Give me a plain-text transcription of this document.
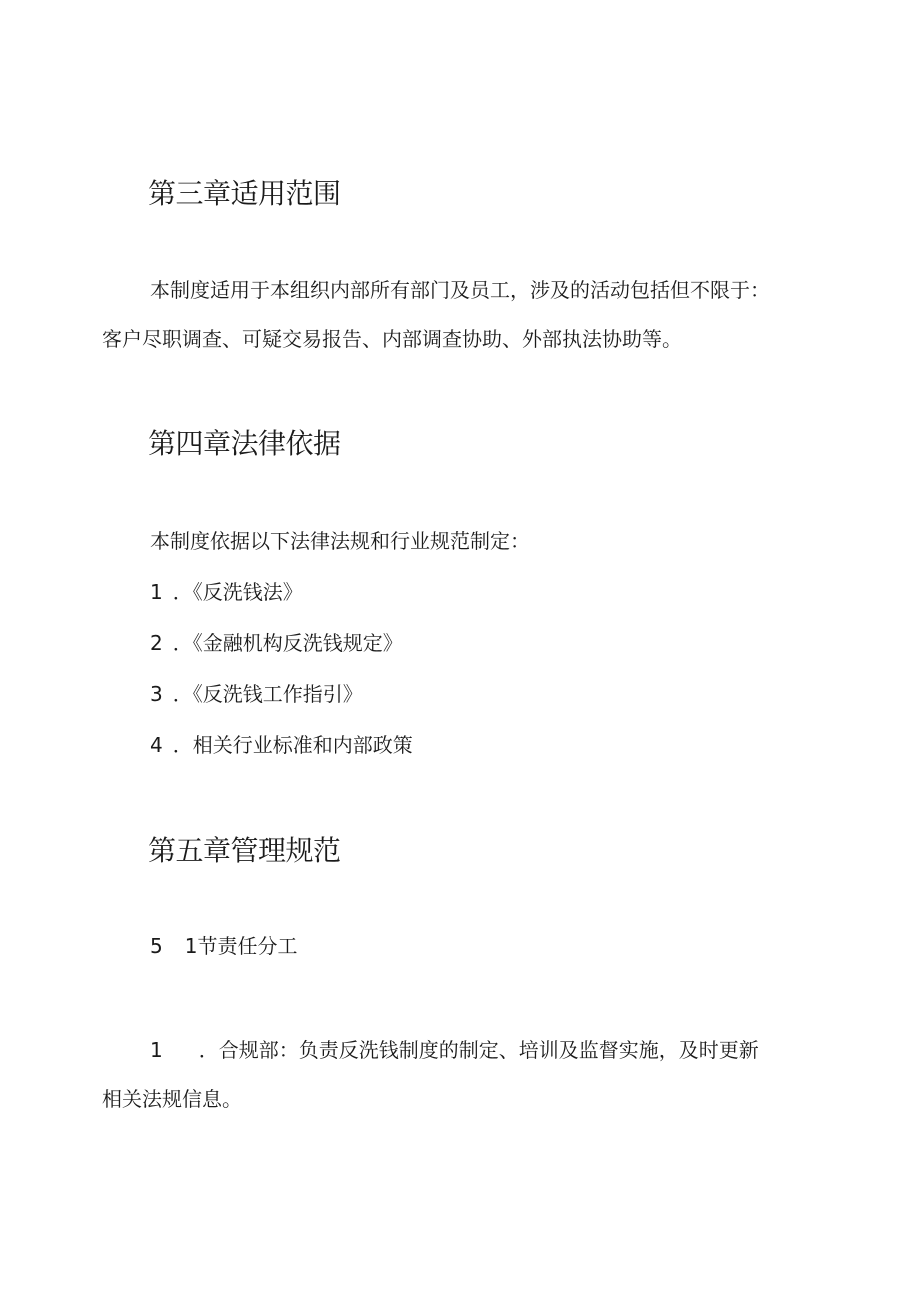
第三章适用范围
本制度适用于本组织内部所有部门及员工，涉及的活动包括但不限于：
客户尽职调查、可疑交易报告、内部调查协助、外部执法协助等。
第四章法律依据
本制度依据以下法律法规和行业规范制定：
1 ．《反洗钱法》
2 ．《金融机构反洗钱规定》
3 ．《反洗钱工作指引》
4 ．相关行业标准和内部政策
第五章管理规范
5 1节责任分工
1 ．合规部：负责反洗钱制度的制定、培训及监督实施，及时更新
相关法规信息。
